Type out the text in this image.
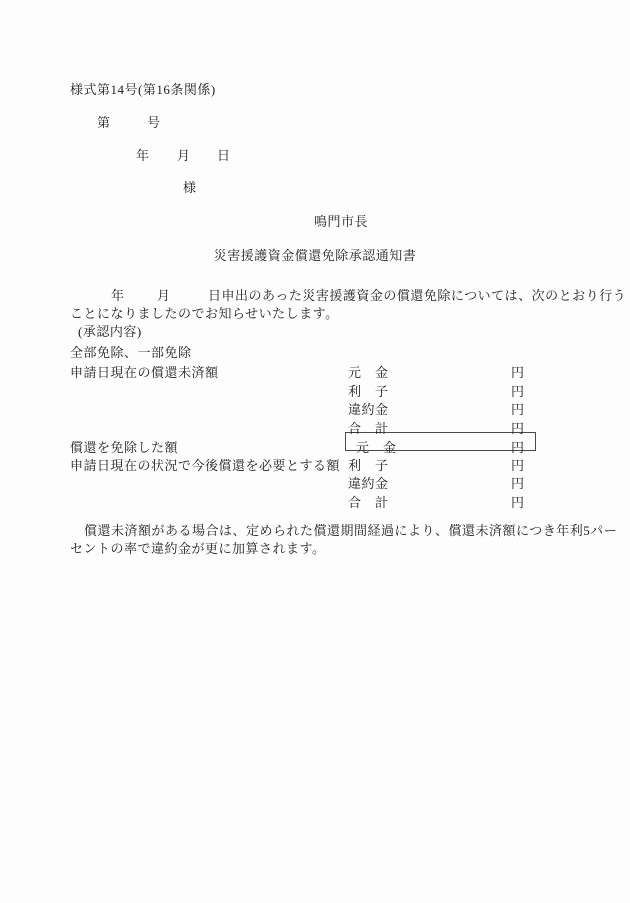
様式第14号(第16条関係)
第	号
年 月 日
様
鳴門市長
災害援護資金償還免除承認通知書
年 月	日申出のあった災害援護資金の償還免除については、次のとおり行う
ことになりましたのでお知らせいたします。
(承認内容)
全部免除、一部免除
申請日現在の償還未済額	元　金	円
利　子	円
違約金	円
合　計	円
償還を免除した額	元　金	円
申請日現在の状況で今後償還を必要とする額 利　子	円
違約金	円
合　計	円
償還未済額がある場合は、定められた償還期間経過により、償還未済額につき年利5パー
セントの率で違約金が更に加算されます。
